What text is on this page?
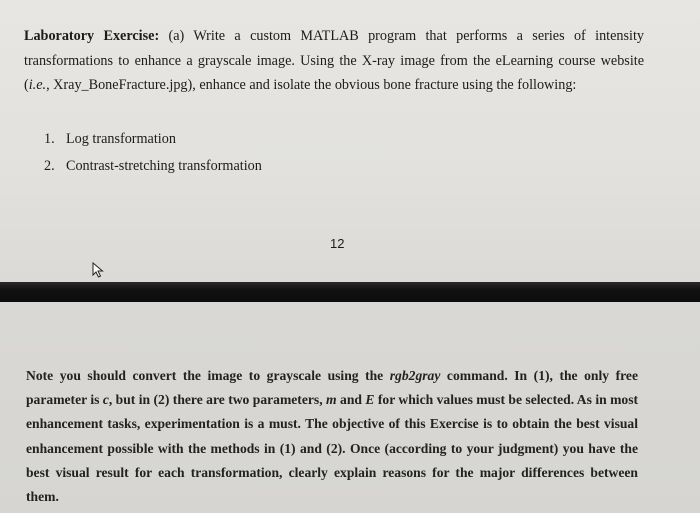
Laboratory Exercise: (a) Write a custom MATLAB program that performs a series of intensity transformations to enhance a grayscale image. Using the X-ray image from the eLearning course website (i.e., Xray_BoneFracture.jpg), enhance and isolate the obvious bone fracture using the following:

1. Log transformation
2. Contrast-stretching transformation
12

Note you should convert the image to grayscale using the rgb2gray command. In (1), the only free parameter is c, but in (2) there are two parameters, m and E for which values must be selected. As in most enhancement tasks, experimentation is a must. The objective of this Exercise is to obtain the best visual enhancement possible with the methods in (1) and (2). Once (according to your judgment) you have the best visual result for each transformation, clearly explain reasons for the major differences between them.
